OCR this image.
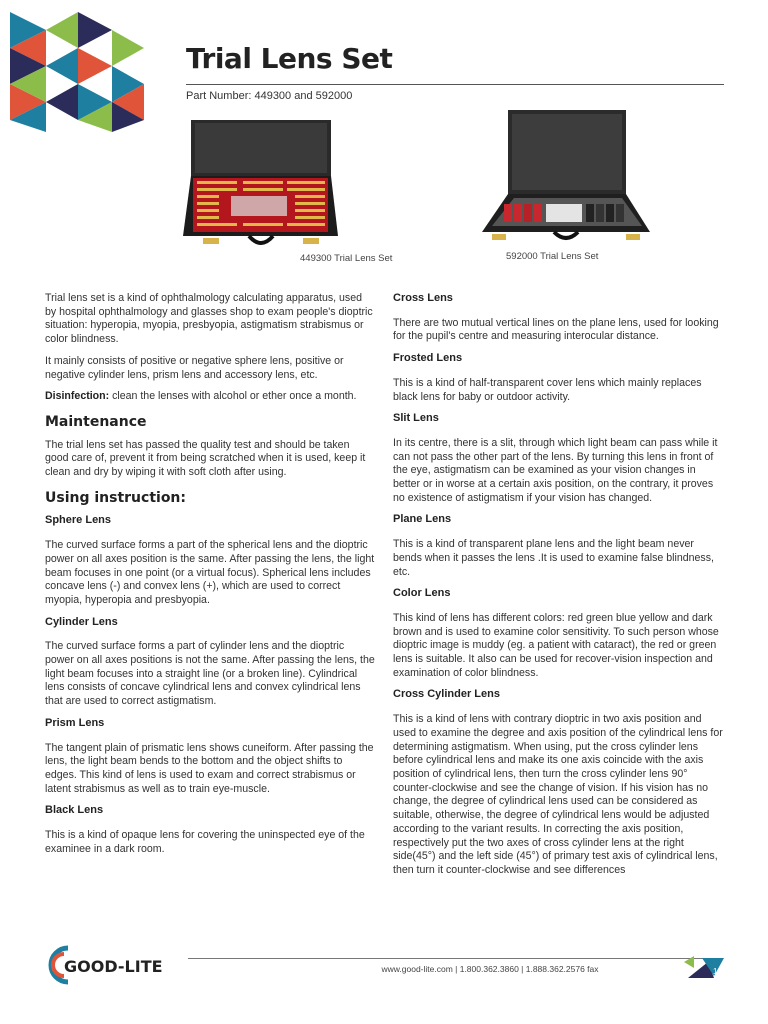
Trial Lens Set
Part Number: 449300 and 592000
449300 Trial Lens Set	592000 Trial Lens Set

Trial lens set is a kind of ophthalmology calculating apparatus, used by hospital ophthalmology and glasses shop to exam people's dioptric situation: hyperopia, myopia, presbyopia, astigmatism strabismus or color blindness.

It mainly consists of positive or negative sphere lens, positive or negative cylinder lens, prism lens and accessory lens, etc.

Disinfection: clean the lenses with alcohol or ether once a month.

Maintenance

The trial lens set has passed the quality test and should be taken good care of, prevent it from being scratched when it is used, keep it clean and dry by wiping it with soft cloth after using.

Using instruction:
Sphere Lens

The curved surface forms a part of the spherical lens and the dioptric power on all axes position is the same. After passing the lens, the light beam focuses in one point (or a virtual focus). Spherical lens includes concave lens (-) and convex lens (+), which are used to correct myopia, hyperopia and presbyopia.

Cylinder Lens

The curved surface forms a part of cylinder lens and the dioptric power on all axes positions is not the same. After passing the lens, the light beam focuses into a straight line (or a broken line). Cylindrical lens consists of concave cylindrical lens and convex cylindrical lens that are used to correct astigmatism.

Prism Lens

The tangent plain of prismatic lens shows cuneiform. After passing the lens, the light beam bends to the bottom and the object shifts to edges. This kind of lens is used to exam and correct strabismus or latent strabismus as well as to train eye-muscle.

Black Lens

This is a kind of opaque lens for covering the uninspected eye of the examinee in a dark room.

Cross Lens

There are two mutual vertical lines on the plane lens, used for looking for the pupil's centre and measuring interocular distance.

Frosted Lens

This is a kind of half-transparent cover lens which mainly replaces black lens for baby or outdoor activity.

Slit Lens

In its centre, there is a slit, through which light beam can pass while it can not pass the other part of the lens. By turning this lens in front of the eye, astigmatism can be examined as your vision changes in better or in worse at a certain axis position, on the contrary, it proves no existence of astigmatism if your vision has changed.

Plane Lens

This is a kind of transparent plane lens and the light beam never bends when it passes the lens .It is used to examine false blindness, etc.

Color Lens

This kind of lens has different colors: red green blue yellow and dark brown and is used to examine color sensitivity. To such person whose dioptric image is muddy (eg. a patient with cataract), the red or green lens is suitable. It also can be used for recover-vision inspection and examination of color blindness.

Cross Cylinder Lens

This is a kind of lens with contrary dioptric in two axis position and used to examine the degree and axis position of the cylindrical lens for determining astigmatism. When using, put the cross cylinder lens before cylindrical lens and make its one axis coincide with the axis position of cylindrical lens, then turn the cross cylinder lens 90° counter-clockwise and see the change of vision. If his vision has no change, the degree of cylindrical lens used can be considered as suitable, otherwise, the degree of cylindrical lens would be adjusted according to the variant results. In correcting the axis position, respectively put the two axes of cross cylinder lens at the right side(45°) and the left side (45°) of primary test axis of cylindrical lens, then turn it counter-clockwise and see differences

GOOD-LITE	www.good-lite.com | 1.800.362.3860 | 1.888.362.2576 fax	1
